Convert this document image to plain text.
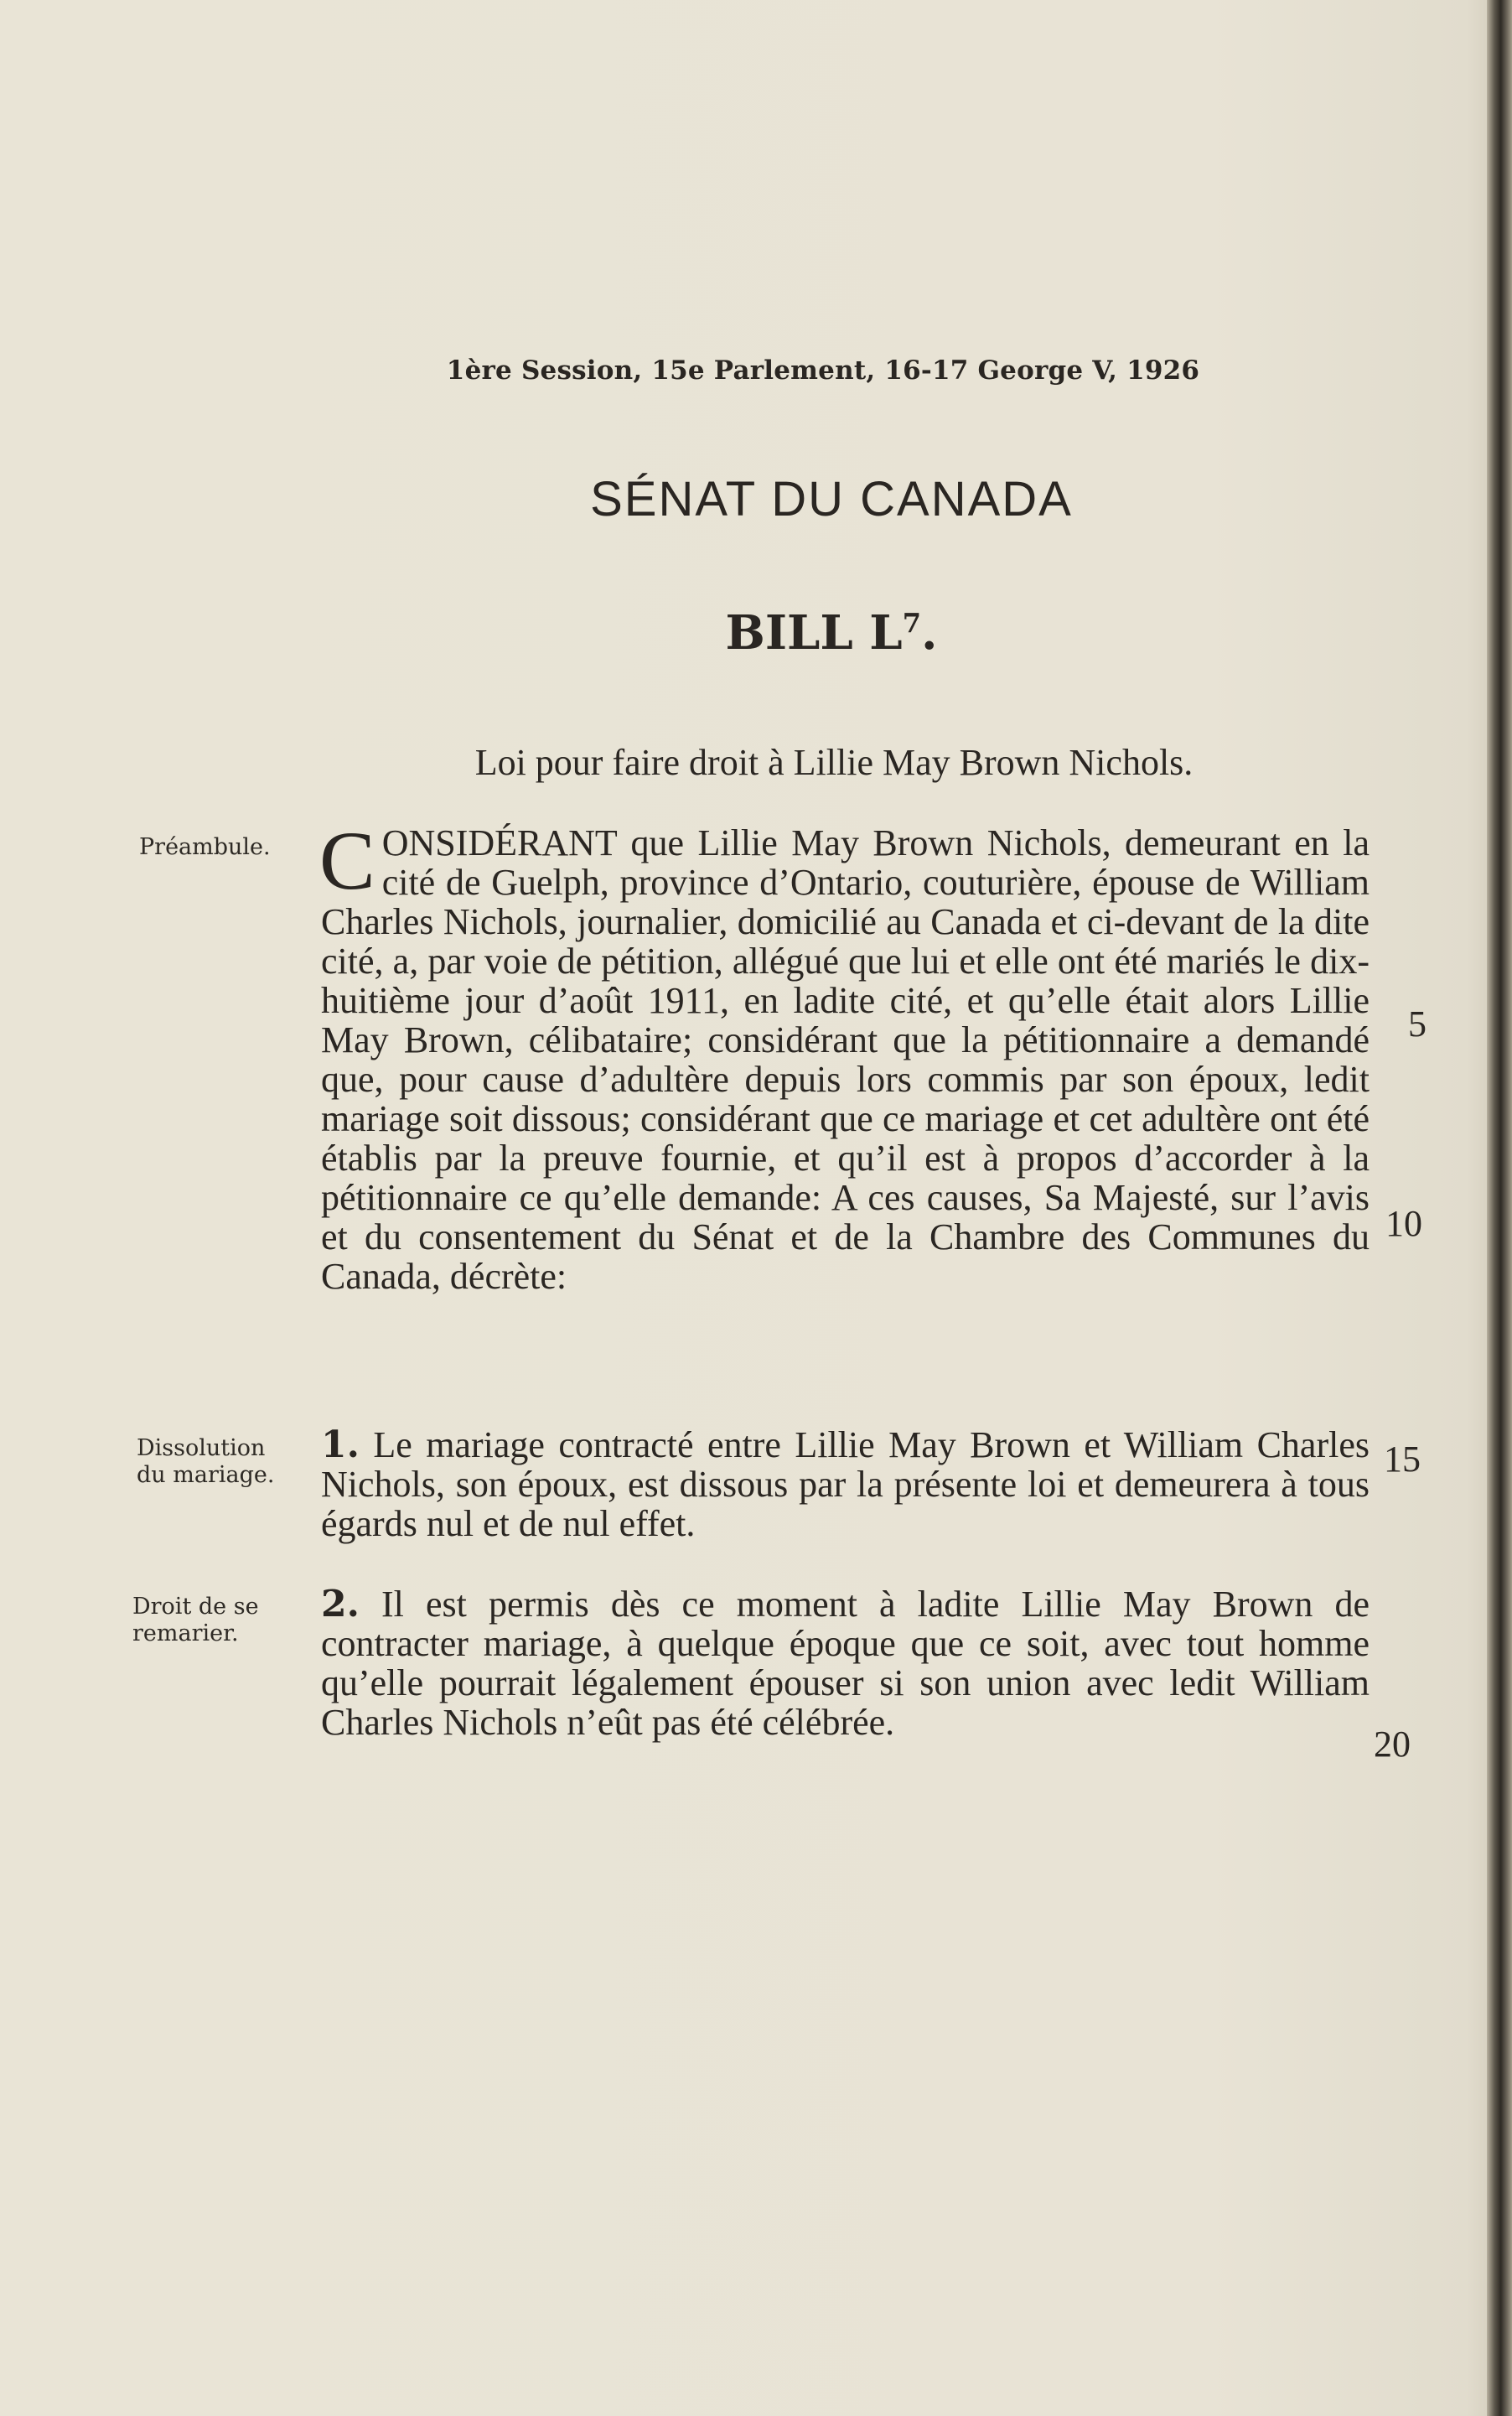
1ère Session, 15e Parlement, 16-17 George V, 1926
SÉNAT DU CANADA
BILL $L^7$.
Loi pour faire droit à Lillie May Brown Nichols.
Préambule. CONSIDÉRANT que Lillie May Brown Nichols, demeurant en la cité de Guelph, province d’Ontario, couturière, épouse de William Charles Nichols, journalier, domicilié au Canada et ci-devant de la dite cité, a, par voie de pétition, allégué que lui et elle ont été mariés le dix-huitième jour d’août 1911, en ladite cité, et qu’elle était alors Lillie May Brown, célibataire; considérant que la pétitionnaire a demandé que, pour cause d’adultère depuis lors commis par son époux, ledit mariage soit dissous; considérant que ce mariage et cet adultère ont été établis par la preuve fournie, et qu’il est à propos d’accorder à la pétitionnaire ce qu’elle demande: A ces causes, Sa Majesté, sur l’avis et du consentement du Sénat et de la Chambre des Communes du Canada, décrète:
Dissolution
du mariage.
1. Le mariage contracté entre Lillie May Brown et William Charles Nichols, son époux, est dissous par la présente loi et demeurera à tous égards nul et de nul effet.
Droit de se
remarier.
2. Il est permis dès ce moment à ladite Lillie May Brown de contracter mariage, à quelque époque que ce soit, avec tout homme qu’elle pourrait légalement épouser si son union avec ledit William Charles Nichols n’eût pas été célébrée.
5
10
15
20
